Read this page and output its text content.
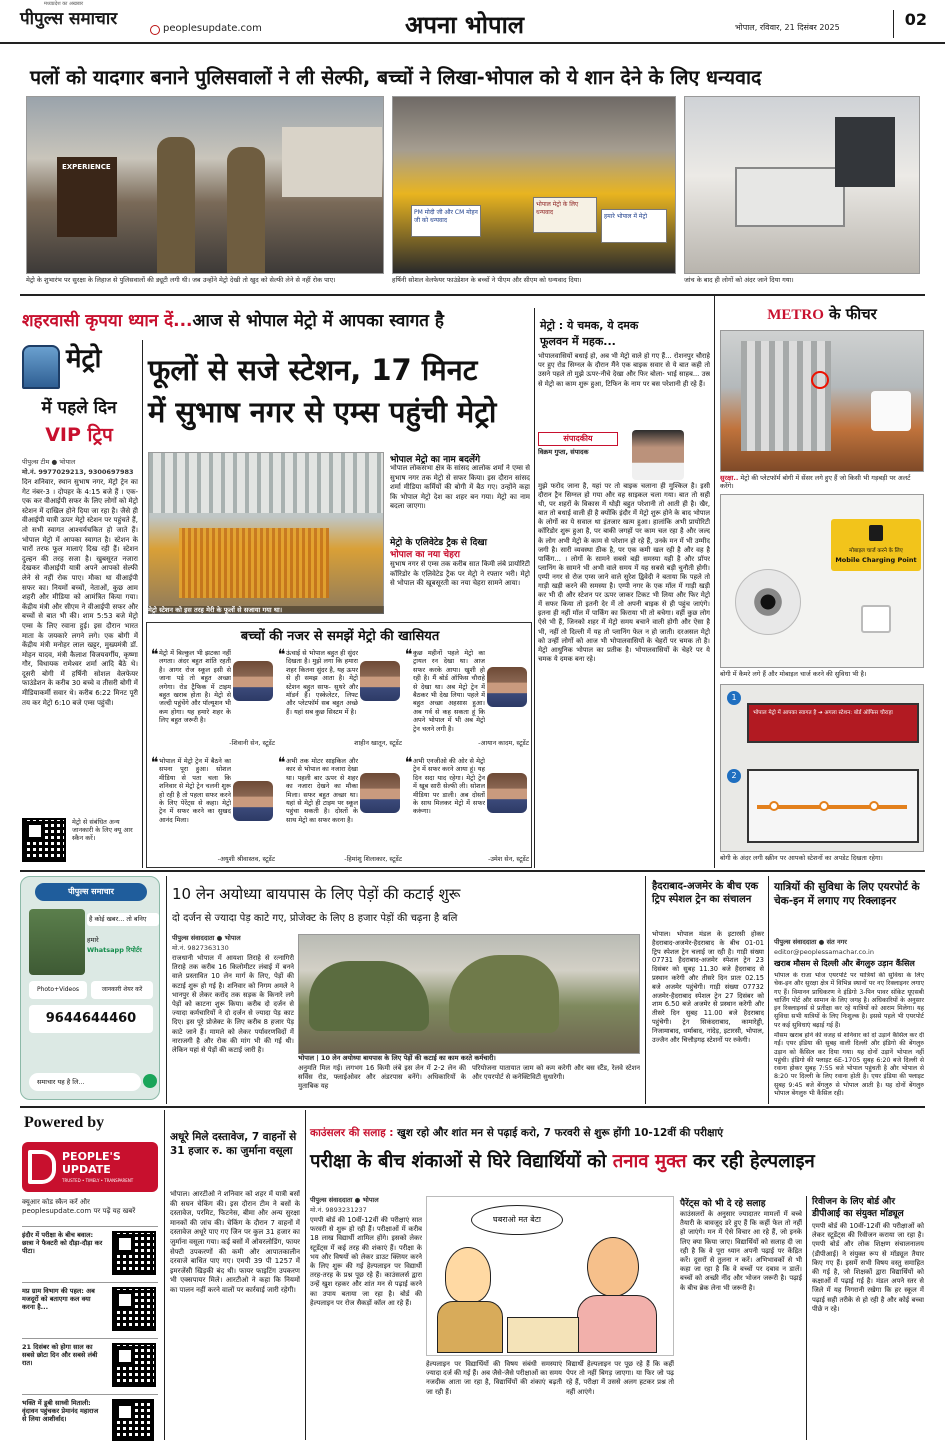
पीपुल्स समाचार
मध्यप्रदेश का अखबार
peoplesupdate.com	अपना भोपाल	भोपाल, रविवार, 21 दिसंबर 2025	02
पलों को यादगार बनाने पुलिसवालों ने ली सेल्फी, बच्चों ने लिखा-भोपाल को ये शान देने के लिए धन्यवाद
EXPERIENCE
PM मोदी जी और CM मोहन जी को धन्यवाद
भोपाल मेट्रो के लिए धन्यवाद
हमारे भोपाल में मेट्रो
मेट्रो के शुभारंभ पर सुरक्षा के लिहाज से पुलिसवालों की ड्यूटी लगी थी। जब उन्होंने मेट्रो देखी तो खुद को सेल्फी लेने से नहीं रोक पाए।	हर्षिनी सोशल वेलफेयर फाउंडेशन के बच्चों ने पीएम और सीएम को धन्यवाद दिया।	जांच के बाद ही लोगों को अंदर जाने दिया गया।
शहरवासी कृपया ध्यान दें...आज से भोपाल मेट्रो में आपका स्वागत है
मेट्रो
में पहले दिन
VIP ट्रिप
पीपुल्स टीम ● भोपाल
मो.नं. 9977029213, 9300697983
दिन शनिवार, स्थान सुभाष नगर, मेट्रो ट्रेन का गेट नंबर-3 । दोपहर के 4:15 बजे हैं । एक-एक कर वीआईपी सफर के लिए लोगों को मेट्रो स्टेशन में दाखिल होने दिया जा रहा है। जैसे ही वीआईपी यात्री ऊपर मेट्रो स्टेशन पर पहुंचते हैं, तो सभी स्वागत आश्चर्यचकित हो जाते हैं। भोपाल मेट्रो में आपका स्वागत है। स्टेशन के चारों तरफ फूल मालाएं दिख रही हैं। स्टेशन दुल्हन की तरह सजा है। खुबसूरत नजारा देखकर वीआईपी यात्री अपने आपको सेल्फी लेने से नहीं रोक पाए। मौका था वीआईपी सफर का। नियमों बच्चों, नेताओं, कुछ आम शहरी और मीडिया को आमंत्रित किया गया। केंद्रीय मंत्री और सीएम ने वीआईपी सफर और बच्चों से बात भी की। शाम 5:53 बजे मेट्रो एम्स के लिए रवाना हुई। इस दौरान भारत माता के जयकारे लगने लगे। एक बोगी में केंद्रीय मंत्री मनोहर लाल खट्टर, मुख्यमंत्री डॉ. मोहन यादव, मंत्री कैलाश विजयवर्गीय, कृष्णा गौर, विधायक रामेश्वर शर्मा आदि बैठे थे। दूसरी बोगी में हर्षिनी सोशल वेलफेयर फाउंडेशन के करीब 30 बच्चे व तीसरी बोगी में मीडियाकर्मी सवार थे। करीब 6:22 मिनट पूरी तय कर मेट्रो 6:10 बजे एम्स पहुंची।
मेट्रो से संबंधित अन्य जानकारी के लिए क्यू आर स्कैन करें।
फूलों से सजे स्टेशन, 17 मिनट
में सुभाष नगर से एम्स पहुंची मेट्रो
मेट्रो स्टेशन को इस तरह मेरी के फूलों से सजाया गया था।
भोपाल मेट्रो का नाम बदलेंगे
भोपाल लोकसभा क्षेत्र के सांसद आलोक शर्मा ने एम्स से सुभाष नगर तक मेट्रो से सफर किया। इस दौरान सांसद शर्मा मीडिया कर्मियों की बोगी में बैठ गए। उन्होंने कहा कि भोपाल मेट्रो देश का शहर बन गया। मेट्रो का नाम बदला जाएगा।
मेट्रो के एलिवेटेड ट्रैक से दिखा
भोपाल का नया चेहरा
सुभाष नगर से एम्स तक करीब सात किमी लंबे प्रायोरिटी कॉरिडोर के एलिवेटेड ट्रैक पर मेट्रो ने रफ्तार भरी। मेट्रो से भोपाल की खूबसूरती का नया चेहरा सामने आया।
बच्चों की नजर से समझें मेट्रो की खासियत
❝ मेट्रो में बिल्कुल भी झटका नहीं लगता। अंदर बहुत शांति रहती है। आगर रोज स्कूल इसी से जाना पड़े तो बहुत अच्छा लगेगा। रोड ट्रैफिक में टाइम बहुत खराब होता है। मेट्रो से जल्दी पहुंचेंगे और पॉल्यूशन भी कम होगा। यह हमारे शहर के लिए बहुत जरूरी है।
-शिवानी सेन, स्टूडेंट
❝ ऊंचाई से भोपाल बहुत ही सुंदर दिखता है। मुझे लगा कि हमारा शहर कितना सुंदर है, यह ऊपर से ही समझ आता है। मेट्रो स्टेशन बहुत साफ- सुथरे और मॉडर्न हैं। एस्केलेटर, लिफ्ट और प्लेटफॉर्म सब बहुत अच्छे हैं। यहां सब कुछ सिस्टम में है।
शाहीन खातून, स्टूडेंट
❝ कुछ महीनों पहले मेट्रो का ट्रायल रन देखा था। आज सफर करके आया। खुशी हो रही है। मैं बोर्ड ऑफिस चौराहे से देखा था। अब मेट्रो ट्रेन में बैठकर भी देख लिया। पहले में बहुत अच्छा अहसास हुआ। अब गर्व से कह सकता हूं कि अपने भोपाल में भी अब मेट्रो ट्रेन चलने लगी है।
-आयान कादम, स्टूडेंट
❝ भोपाल में मेट्रो ट्रेन में बैठने का सपना पूरा हुआ। सोशल मीडिया से पता चला कि शनिवार से मेट्रो ट्रेन चलनी शुरू हो रही है तो पहला सफर करने के लिए पेरेंट्स से कहा। मेट्रो ट्रेन में सफर करने का सुखद आनंद मिला।
-अयुशी श्रीवास्तव, स्टूडेंट
❝ अभी तक मोटर साइकिल और कार से भोपाल का नजारा देखा था। पहली बार ऊपर से शहर का नजारा देखने का मौका मिला। सफर बहुत अच्छा था। यहां से मेट्रो ही टाइम पर स्कूल पहुंचा सकती है। दोस्तों के साथ मेट्रो का सफर करना है।
-हिमांशु शिलाकार, स्टूडेंट
❝ अभी एनजीओ की ओर से मेट्रो ट्रेन में सफर करने आया हूं। यह दिन सदा याद रहेगा। मेट्रो ट्रेन में खूब सारी सेल्फी ली। सोशल मीडिया पर डाली। अब दोस्तों के साथ मिलकर मेट्रो में सफर करूंगा।
-उमेश सेन, स्टूडेंट
मेट्रो : ये चमक, ये दमक
फूलवन में महक...
भोपालवासियों बधाई हो, अब भी मेट्रो वाले हो गए हैं... रोशनपुर चौराहे पर हुए रोड सिग्नल के दौरान मैंने एक बाइक सवार से ये बात कही तो उसने पहले तो मुझे ऊपर-नीचे देखा और फिर बोला- भाई साहब... उस्र से मेट्रो का काम शुरू हुआ, टिफिन के नाम पर बस परेशानी ही रहे हैं।
संपादकीय
विक्रम गुप्ता, संपादक
मुझे फरोद जाना है, यहां पर तो बाइक चलाना ही मुश्किल है। इसी दौरान ट्रैन सिग्नल हो गया और वह साइकल चला गया। बात तो सही थी, पर शहरों के विकास में थोड़ी बहुत परेशानी तो आती ही है। खैर, बात तो बधाई वाली ही है क्योंकि इंदौर में मेट्रो शुरू होने के बाद भोपाल के लोगों का ये सवाल था इंतजार खत्म हुआ। हालांकि अभी प्रायोरिटी कॉरिडोर शुरू हुआ है, पर बाकी जगहों पर काम चल रहा है और जल्द के लोग अभी मेट्रो के काम से परेशान हो रहे हैं, उनके मन में भी उम्मीद जगी है। सारी व्यवस्था ठीक है, पर एक कमी खल रही है और वह है पार्किंग... । लोगों के सामने सबसे बड़ी समस्या यही है और प्रॉपर प्लानिंग के सामने भी अभी वाले समय में यह सबसे बड़ी चुनौती होगी। एम्पी नगर से रोज एम्स जाने वाले सुरेश द्विवेदी ने बताया कि पहले तो गाड़ी खड़ी करने की समस्या है। एम्पी नगर के एक मॉल में गाड़ी खड़ी कर भी दी और स्टेशन पर ऊपर जाकर टिकट भी लिया और फिर मेट्रो में सफर किया तो इतनी देर में तो अपनी बाइक से ही पहुंच जाएंगे। इतना ही नहीं मॉल में पार्किंग का किराया भी तो बचेगा। वहीं कुछ लोग ऐसे भी हैं, जिनको शहर में मेट्रो समय बचाने वाली होगी और ऐसा है भी, नहीं तो दिल्ली में यह तो प्लानिंग फेल न हो जाती। दरअसल मेट्रो को उन्हीं लोगों को आज भी भोपालवासियों के चेहरों पर चमक तो है। मेट्रो आधुनिक भोपाल का प्रतीक है। भोपालवासियों के चेहरे पर ये चमक ये दमक बना रहे।
METRO के फीचर
सुरक्षा.. मेट्रो की प्लेटफॉर्म बोगी में सेंसर लगे हुए हैं जो किसी भी गड़बड़ी पर अलर्ट करेंगे।
मोबाइल चार्ज करने के लिए
Mobile Charging Point
बोगी में कैमरे लगे हैं और मोबाइल चार्ज करने की सुविधा भी है।
1
भोपाल मेट्रो में आपका स्वागत है ➜ अगला स्टेशन: बोर्ड ऑफिस चौराहा
2
बोगी के अंदर लगी स्क्रीन पर आपको स्टेशनों का अपडेट दिखता रहेगा।
पीपुल्स समाचार
है कोई खबर... तो बनिए
हमारे
Whatsapp रिपोर्टर
Photo+Videos	जानकारी शेयर करें
9644644460
समाचार यह है लि...
10 लेन अयोध्या बायपास के लिए पेड़ों की कटाई शुरू
दो दर्जन से ज्यादा पेड़ काटे गए, प्रोजेक्ट के लिए 8 हजार पेड़ों की चढ़ना है बलि
पीपुल्स संवाददाता ● भोपाल
मो.नं. 9827363130
राजधानी भोपाल में आयशा तिराहे से रत्नागिरी तिराहे तक करीब 16 किलोमीटर लंबाई में बनने वाले प्रस्तावित 10 लेन मार्ग के लिए, पेड़ों की कटाई शुरू हो गई है। शनिवार को निगम अमले ने भानपुर से लेकर करोंद तक सड़क के किनारे लगे पेड़ों को काटना शुरू किया। करीब दो दर्जन से ज्यादा कर्मचारियों ने दो दर्जन से ज्यादा पेड़ काट दिए। इस पूरे प्रोजेक्ट के लिए करीब 8 हजार पेड़ काटे जाने हैं। मामले को लेकर पर्यावरणविदों में नाराजगी है और रोक की मांग भी की गई थी। लेकिन यहां से पेड़ों की कटाई जारी है।
भोपाल | 10 लेन अयोध्या बायपास के लिए पेड़ों की कटाई का काम करते कर्मचारी।
अनुमति मिल गई। लगभग 16 किमी लंबे इस लेन में 2-2 लेन की सर्विस रोड, फ्लाईओवर और अंडरपास बनेंगे। अधिकारियों के मुताबिक यह
परियोजना यातायात जाम को कम करेगी और बस स्टैंड, रेलवे स्टेशन और एयरपोर्ट से कनेक्टिविटी सुधारेगी।
हैदराबाद-अजमेर के बीच एक ट्रिप स्पेशल ट्रेन का संचालन
भोपाल। भोपाल मंडल के इटारसी होकर हैदराबाद-अजमेर-हैदराबाद के बीच 01-01 ट्रिप स्पेशल ट्रेन चलाई जा रही है। गाड़ी संख्या 07731 हैदराबाद-अजमेर स्पेशल ट्रेन 23 दिसंबर को सुबह 11.30 बजे हैदराबाद से प्रस्थान करेगी और तीसरे दिन प्रातः 02.15 बजे अजमेर पहुंचेगी। गाड़ी संख्या 07732 अजमेर-हैदराबाद स्पेशल ट्रेन 27 दिसंबर को शाम 6.50 बजे अजमेर से प्रस्थान करेगी और तीसरे दिन सुबह 11.00 बजे हैदराबाद पहुंचेगी। ट्रेन सिकंदराबाद, कामारेड्डी, निजामाबाद, धर्माबाद, नांदेड़, इटारसी, भोपाल, उज्जैन और चित्तौड़गढ़ स्टेशनों पर रुकेगी।
यात्रियों की सुविधा के लिए एयरपोर्ट के चेक-इन में लगाए गए रिक्लाइनर
पीपुल्स संवाददाता ● संत नगर
editor@peoplessamachar.co.in
खराब मौसम से दिल्ली और बेंगलुरु उड़ान कैंसिल
भोपाल के राजा भोज एयरपोर्ट पर यात्रियों की सुविधा के लिए चेक-इन और सुरक्षा क्षेत्र में विभिन्न स्थानों पर नए रिक्लाइनर लगाए गए हैं। विमानन प्राधिकरण ने इंडिगो 3-पिन पावर सॉकेट यूएसबी चार्जिंग पोर्ट और सामान के लिए जगह है। अधिकारियों के अनुसार इन रिक्लाइनर्स से प्रतीक्षा कर रहे यात्रियों को आराम मिलेगा। यह सुविधा सभी यात्रियों के लिए निःशुल्क है। इससे पहले भी एयरपोर्ट पर कई सुविधाएं बढ़ाई गई हैं।
मौसम खराब होने की वजह से शनिवार को दो उड़ानें कैंसिल कर दी गईं। एयर इंडिया की सुबह वाली दिल्ली और इंडिगो की बेंगलुरु उड़ान को कैंसिल कर दिया गया। यह दोनों उड़ानें भोपाल नहीं पहुंची। इंडिगो की फ्लाइट 6E-1705 सुबह 6:20 बजे दिल्ली से रवाना होकर सुबह 7:55 बजे भोपाल पहुंचती है और भोपाल से 8:20 पर दिल्ली के लिए रवाना होती है। एयर इंडिया की फ्लाइट सुबह 9:45 बजे बेंगलुरु से भोपाल आती है। यह दोनों बेंगलुरु भोपाल बेंगलुरु भी कैंसिल रही।
Powered by
PEOPLE'S
UPDATE
TRUSTED • TIMELY • TRANSPARENT
क्यूआर कोड स्कैन करें और peoplesupdate.com पर पढ़ें यह खबरें
इंदौर में परीक्षा के बीच बवाल: छात्रा ने फैक्टरी को दौड़ा-दौड़ा कर पीटा।
मप्र ग्राम विभाग की पहल: अब मजदूरों को बताएगा कल क्या करना है...
21 दिसंबर को होगा साल का सबसे छोटा दिन और सबसे लंबी रात।
भक्ति में डूबी साध्वी मिताली: वृंदावन पहुंचकर प्रेमानंद महाराज से लिया आशीर्वाद।
अधूरे मिले दस्तावेज, 7 वाहनों से 31 हजार रु. का जुर्माना वसूला
भोपाल। आरटीओ ने शनिवार को शहर में यात्री बसों की सघन चेकिंग की। इस दौरान टीम ने बसों के दस्तावेज, परमिट, फिटनेस, बीमा और अन्य सुरक्षा मानकों की जांच की। चेकिंग के दौरान 7 वाहनों में दस्तावेज अधूरे पाए गए जिन पर कुल 31 हजार का जुर्माना वसूला गया। कई बसों में ओवरलोडिंग, फायर सेफ्टी उपकरणों की कमी और आपातकालीन दरवाजे बाधित पाए गए। एमपी 39 पी 1257 में इमरजेंसी खिड़की बंद थी। फायर फाइटिंग उपकरण भी एक्सपायर मिले। आरटीओ ने कहा कि नियमों का पालन नहीं करने वालों पर कार्रवाई जारी रहेगी।
काउंसलर की सलाह : खुश रहो और शांत मन से पढ़ाई करो, 7 फरवरी से शुरू होंगी 10-12वीं की परीक्षाएं
परीक्षा के बीच शंकाओं से घिरे विद्यार्थियों को तनाव मुक्त कर रही हेल्पलाइन
पीपुल्स संवाददाता ● भोपाल
मो.नं. 9893231237
एमपी बोर्ड की 10वीं-12वीं की परीक्षाएं सात फरवरी से शुरू हो रही हैं। परीक्षाओं में करीब 18 लाख विद्यार्थी शामिल होंगे। इसको लेकर स्टूडेंट्स में कई तरह की शंकाएं हैं। परीक्षा के भय और विषयों को लेकर डाउट क्लियर करने के लिए शुरू की गई हेल्पलाइन पर विद्यार्थी तरह-तरह के प्रश्न पूछ रहे हैं। काउंसलर्स द्वारा उन्हें खुश रहकर और शांत मन से पढ़ाई करने का उपाय बताया जा रहा है। बोर्ड की हेल्पलाइन पर रोज सैकड़ों कॉल आ रहे हैं।
घबराओ मत बेटा
हेल्पलाइन पर विद्यार्थियों की विषय संबंधी समस्याएं ज्यादा दर्ज की गई हैं। अब जैसे-जैसे परीक्षाओं का समय नजदीक आता जा रहा है, विद्यार्थियों की शंकाएं बढ़ती जा रही हैं।
विद्यार्थी हेल्पलाइन पर पूछ रहे हैं कि कहीं पेपर तो नहीं बिगड़ जाएगा। या फिर जो पढ़ रहे हैं, परीक्षा में उससे अलग हटकर प्रश्न तो नहीं आएंगे।
पैरेंट्स को भी दे रहे सलाह
काउंसलरों के अनुसार ज्यादातर मामलों में बच्चे तैयारी के बावजूद डरे हुए हैं कि कहीं फेल तो नहीं हो जाएंगे। मन में ऐसे विचार आ रहे हैं, जो इनके लिए क्या किया जाए। विद्यार्थियों को सलाह दी जा रही है कि वे पूरा ध्यान अपनी पढ़ाई पर केंद्रित करें। दूसरों से तुलना न करें। अभिभावकों से भी कहा जा रहा है कि वे बच्चों पर दबाव न डालें। बच्चों को अच्छी नींद और भोजन जरूरी है। पढ़ाई के बीच ब्रेक लेना भी जरूरी है।
रिवीजन के लिए बोर्ड और डीपीआई का संयुक्त मॉड्यूल
एमपी बोर्ड की 10वीं-12वीं की परीक्षाओं को लेकर स्टूडेंट्स की रिवीजन कराया जा रहा है। एमपी बोर्ड और लोक शिक्षण संचालनालय (डीपीआई) ने संयुक्त रूप से मॉड्यूल तैयार किए गए हैं। इसमें सभी विषय वस्तु समाहित की गई है, जो शिक्षकों द्वारा विद्यार्थियों को कक्षाओं में पढ़ाई गई है। मंडल अपने स्तर से जिले में यह निगरानी रखेगा कि हर स्कूल में पढ़ाई सही तरीके से हो रही है और कोई बच्चा पीछे न रहे।
